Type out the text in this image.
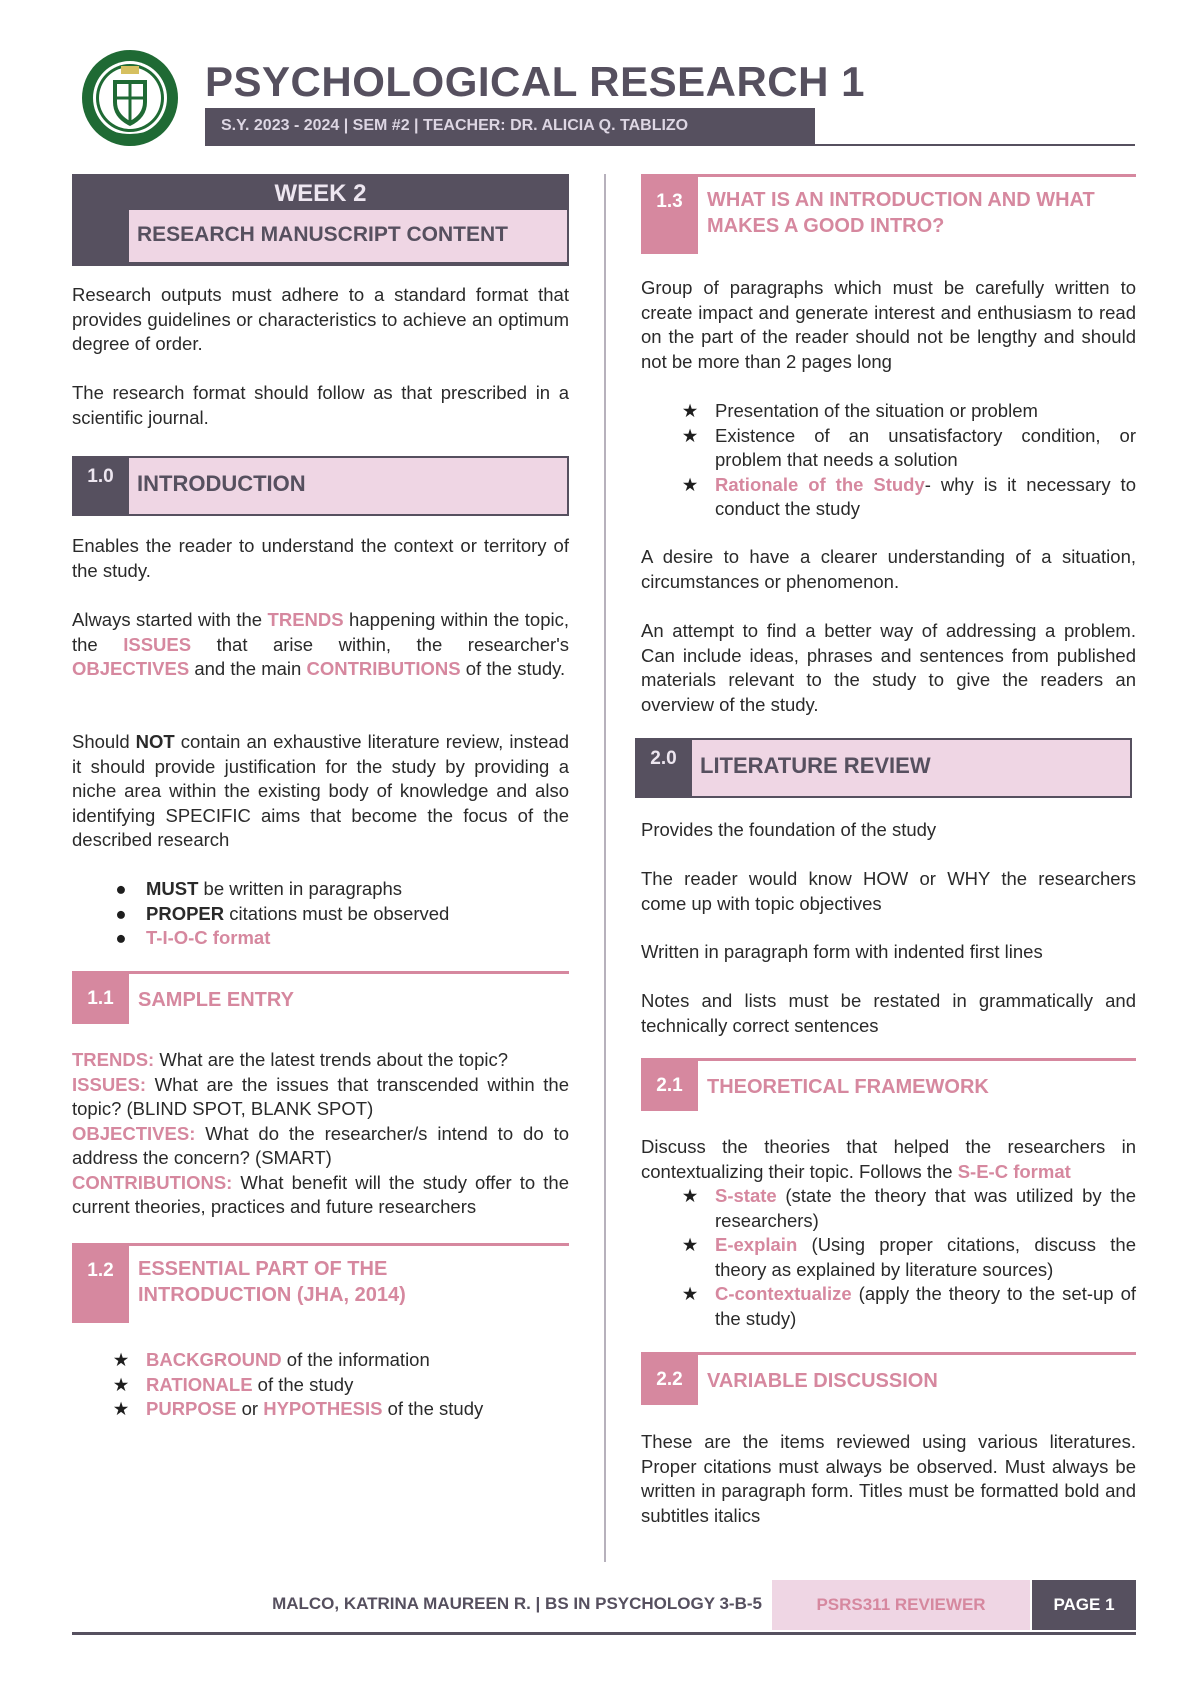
PSYCHOLOGICAL RESEARCH 1
S.Y. 2023 - 2024 | SEM #2 | TEACHER: DR. ALICIA Q. TABLIZO
WEEK 2
RESEARCH MANUSCRIPT CONTENT
Research outputs must adhere to a standard format that provides guidelines or characteristics to achieve an optimum degree of order.
The research format should follow as that prescribed in a scientific journal.
1.0	INTRODUCTION
Enables the reader to understand the context or territory of the study.
Always started with the TRENDS happening within the topic, the ISSUES that arise within, the researcher's OBJECTIVES and the main CONTRIBUTIONS of the study.
Should NOT contain an exhaustive literature review, instead it should provide justification for the study by providing a niche area within the existing body of knowledge and also identifying SPECIFIC aims that become the focus of the described research
●	MUST be written in paragraphs
●	PROPER citations must be observed
●	T-I-O-C format
1.1	SAMPLE ENTRY
TRENDS: What are the latest trends about the topic?
ISSUES: What are the issues that transcended within the topic? (BLIND SPOT, BLANK SPOT)
OBJECTIVES: What do the researcher/s intend to do to address the concern? (SMART)
CONTRIBUTIONS: What benefit will the study offer to the current theories, practices and future researchers
1.2	ESSENTIAL PART OF THE INTRODUCTION (JHA, 2014)
★ BACKGROUND of the information
★ RATIONALE of the study
★ PURPOSE or HYPOTHESIS of the study
1.3	WHAT IS AN INTRODUCTION AND WHAT MAKES A GOOD INTRO?
Group of paragraphs which must be carefully written to create impact and generate interest and enthusiasm to read on the part of the reader should not be lengthy and should not be more than 2 pages long
★ Presentation of the situation or problem
★ Existence of an unsatisfactory condition, or problem that needs a solution
★ Rationale of the Study- why is it necessary to conduct the study
A desire to have a clearer understanding of a situation, circumstances or phenomenon.
An attempt to find a better way of addressing a problem. Can include ideas, phrases and sentences from published materials relevant to the study to give the readers an overview of the study.
2.0	LITERATURE REVIEW
Provides the foundation of the study
The reader would know HOW or WHY the researchers come up with topic objectives
Written in paragraph form with indented first lines
Notes and lists must be restated in grammatically and technically correct sentences
2.1	THEORETICAL FRAMEWORK
Discuss the theories that helped the researchers in contextualizing their topic. Follows the S-E-C format
★ S-state (state the theory that was utilized by the researchers)
★ E-explain (Using proper citations, discuss the theory as explained by literature sources)
★ C-contextualize (apply the theory to the set-up of the study)
2.2	VARIABLE DISCUSSION
These are the items reviewed using various literatures. Proper citations must always be observed. Must always be written in paragraph form. Titles must be formatted bold and subtitles italics
MALCO, KATRINA MAUREEN R. | BS IN PSYCHOLOGY 3-B-5	PSRS311 REVIEWER	PAGE 1
